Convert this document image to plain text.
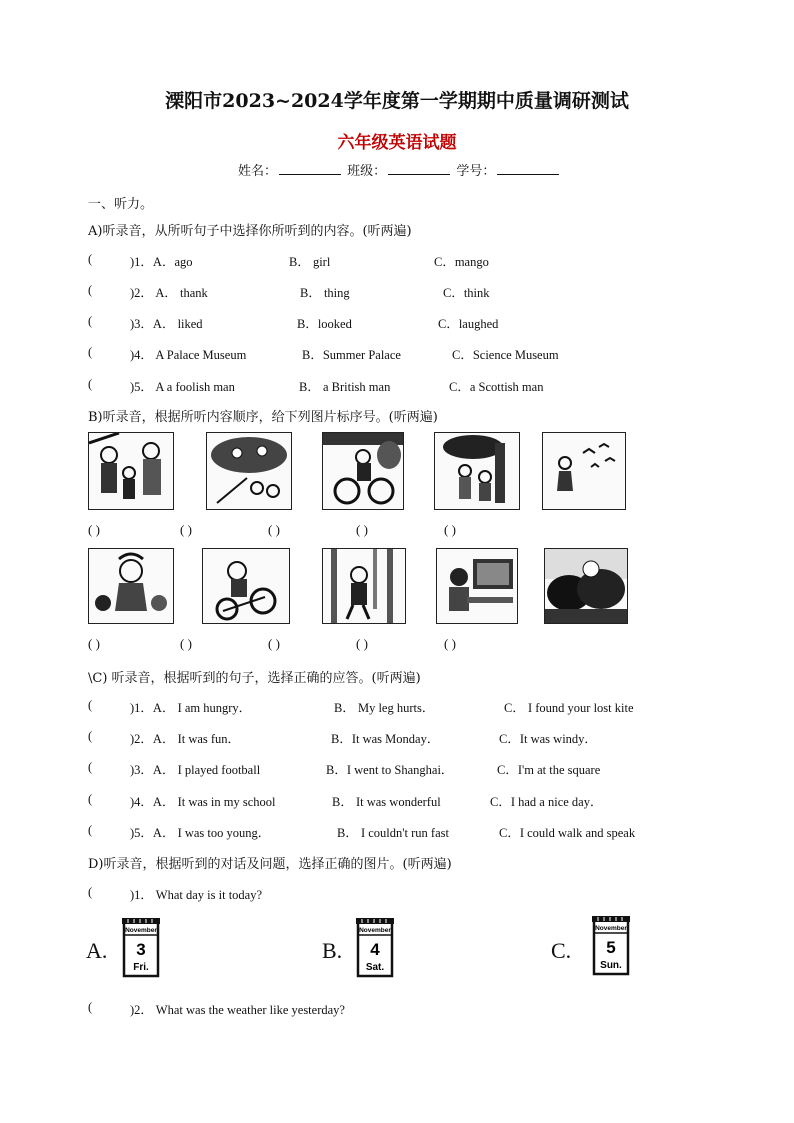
溧阳市2023~2024学年度第一学期期中质量调研测试
六年级英语试题
姓名：	班级：	学号：
一、听力。
A)听录音，从所听句子中选择你所听到的内容。(听两遍)
(	)1．A．ago	B． girl	C．mango
(	)2． A． thank	B． thing	C．think
(	)3．A． liked	B．looked	C．laughed
(	)4． A Palace Museum	B．Summer Palace	C．Science Museum
(	)5． A a foolish man	B． a British man	C．a Scottish man
B)听录音，根据所听内容顺序，给下列图片标序号。(听两遍)
( )	( )	( )	( )	( )
( )	( )	( )	( )	( )
\C) 听录音，根据听到的句子，选择正确的应答。(听两遍)
(	)1．A． I am hungry．	B． My leg hurts．	C． I found your lost kite
(	)2．A． It was fun．	B．It was Monday．	C．It was windy．
(	)3．A． I played football	B．I went to Shanghai．	C．I'm at the square
(	)4．A． It was in my school	B． It was wonderful	C．I had a nice day．
(	)5．A． I was too young．	B． I couldn't run fast	C．I could walk and speak
D)听录音，根据听到的对话及问题，选择正确的图片。(听两遍)
(	)1． What day is it today?
A.
November
3
Fri.
B.
November
4
Sat.
C.
November
5
Sun.
(	)2． What was the weather like yesterday?
